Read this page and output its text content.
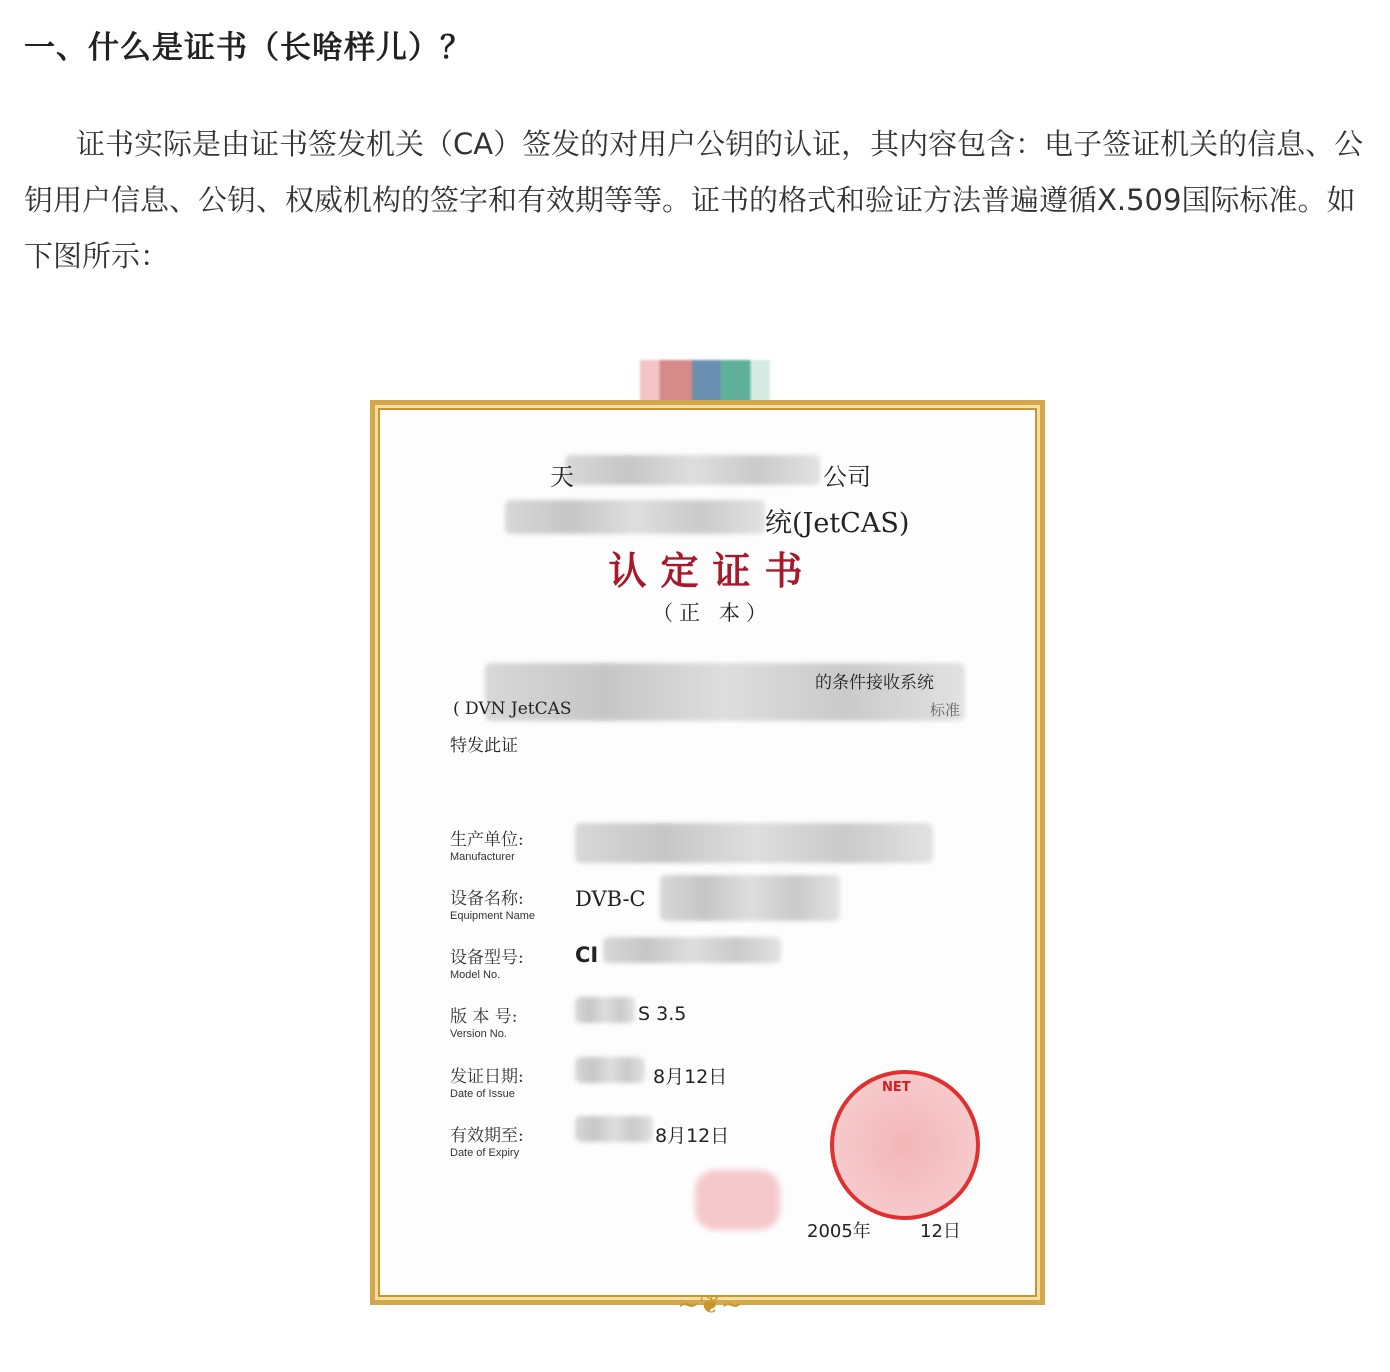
一、什么是证书（长啥样儿）？
证书实际是由证书签发机关（CA）签发的对用户公钥的认证，其内容包含：电子签证机关的信息、公钥用户信息、公钥、权威机构的签字和有效期等等。证书的格式和验证方法普遍遵循X.509国际标准。如下图所示：
天	公司
统(JetCAS)
认定证书
（正 本）
的条件接收系统
( DVN JetCAS	标准
特发此证
生产单位:
Manufacturer
设备名称:
Equipment Name
DVB-C
设备型号:
Model No.
CI
版 本 号:
Version No.
S 3.5
发证日期:
Date of Issue
8月12日
有效期至:
Date of Expiry
8月12日
NET
2005年	12日
~❦~
